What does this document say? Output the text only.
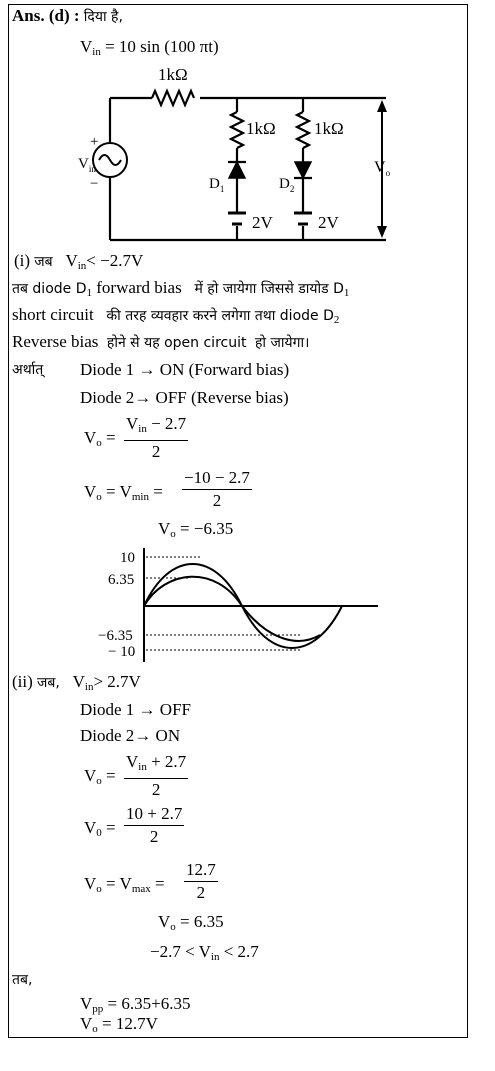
Ans. (d) : दिया है,
$V_{in} = 10$ sin (100 πt)
1kΩ
1kΩ 1kΩ
$D_1$	$D_2$
2V	2V
+
−
$V_{in}$	$V_o$
(i) जब   $V_{in}< -2.7V$
तब diode $D_1$ forward bias में हो जायेगा जिससे डायोड $D_1$
short circuit की तरह व्यवहार करने लगेगा तथा diode $D_2$
Reverse bias होने से यह open circuit हो जायेगा।
अर्थात् Diode 1 → ON (Forward bias)
Diode 2→ OFF (Reverse bias)
$V_o$ =
$V_{in} - 2.7$
2
$V_o = V_{min} = \frac{-10 - 2.7}{2}$
$V_o = -6.35$
10
6.35
−6.35
− 10
(ii) जब,   $V_{in}> 2.7V$
Diode 1 → OFF
Diode 2→ ON
$V_o$ =
$V_{in} + 2.7$
2
$V_0 = \frac{10 + 2.7}{2}$
$V_o = V_{max} = \frac{12.7}{2}$
$V_o = 6.35$
$-2.7 < V_{in} < 2.7$
तब,
$V_{pp} = 6.35+6.35$
$V_o = 12.7V$
